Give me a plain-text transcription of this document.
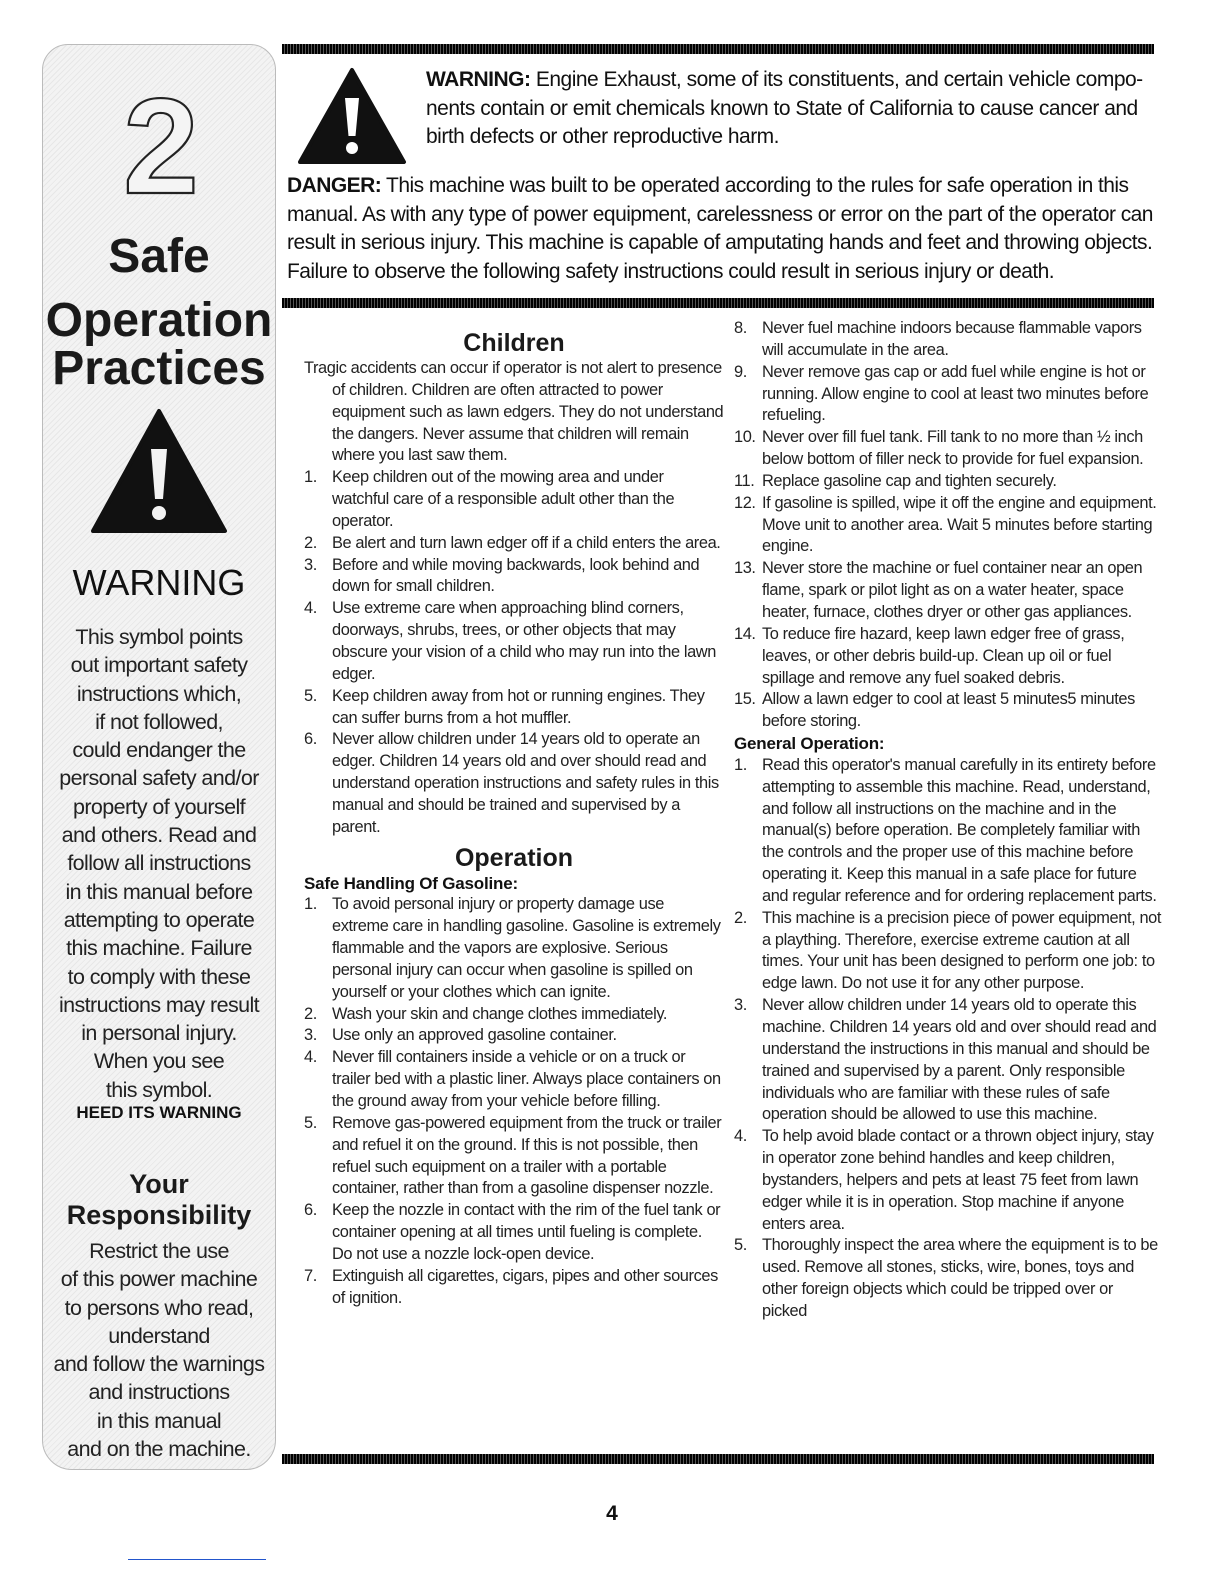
2
Safe
Operation
Practices
WARNING
This symbol points
out important safety
instructions which,
if not followed,
could endanger the
personal safety and/or
property of yourself
and others. Read and
follow all instructions
in this manual before
attempting to operate
this machine. Failure
to comply with these
instructions may result
in personal injury.
When you see
this symbol.
HEED ITS WARNING
Your
Responsibility
Restrict the use
of this power machine
to persons who read,
understand
and follow the warnings
and instructions
in this manual
and on the machine.
WARNING: Engine Exhaust, some of its constituents, and certain vehicle compo- nents contain or emit chemicals known to State of California to cause cancer and birth defects or other reproductive harm.
DANGER: This machine was built to be operated according to the rules for safe operation in this manual. As with any type of power equipment, carelessness or error on the part of the operator can result in serious injury. This machine is capable of amputating hands and feet and throwing objects. Failure to observe the following safety instructions could result in serious injury or death.
Children
Tragic accidents can occur if operator is not alert to presence of children. Children are often attracted to power equipment such as lawn edgers. They do not understand the dangers. Never assume that children will remain where you last saw them.
1. Keep children out of the mowing area and under watchful care of a responsible adult other than the operator.
2. Be alert and turn lawn edger off if a child enters the area.
3. Before and while moving backwards, look behind and down for small children.
4. Use extreme care when approaching blind corners, doorways, shrubs, trees, or other objects that may obscure your vision of a child who may run into the lawn edger.
5. Keep children away from hot or running engines. They can suffer burns from a hot muffler.
6. Never allow children under 14 years old to operate an edger. Children 14 years old and over should read and understand operation instructions and safety rules in this manual and should be trained and supervised by a parent.
Operation
Safe Handling Of Gasoline:
1. To avoid personal injury or property damage use extreme care in handling gasoline. Gasoline is extremely flammable and the vapors are explosive. Serious personal injury can occur when gasoline is spilled on yourself or your clothes which can ignite.
2. Wash your skin and change clothes immediately.
3. Use only an approved gasoline container.
4. Never fill containers inside a vehicle or on a truck or trailer bed with a plastic liner. Always place containers on the ground away from your vehicle before filling.
5. Remove gas-powered equipment from the truck or trailer and refuel it on the ground. If this is not possible, then refuel such equipment on a trailer with a portable container, rather than from a gasoline dispenser nozzle.
6. Keep the nozzle in contact with the rim of the fuel tank or container opening at all times until fueling is complete. Do not use a nozzle lock-open device.
7. Extinguish all cigarettes, cigars, pipes and other sources of ignition.
8. Never fuel machine indoors because flammable vapors will accumulate in the area.
9. Never remove gas cap or add fuel while engine is hot or running. Allow engine to cool at least two minutes before refueling.
10. Never over fill fuel tank. Fill tank to no more than ½ inch below bottom of filler neck to provide for fuel expansion.
11. Replace gasoline cap and tighten securely.
12. If gasoline is spilled, wipe it off the engine and equipment. Move unit to another area. Wait 5 minutes before starting engine.
13. Never store the machine or fuel container near an open flame, spark or pilot light as on a water heater, space heater, furnace, clothes dryer or other gas appliances.
14. To reduce fire hazard, keep lawn edger free of grass, leaves, or other debris build-up. Clean up oil or fuel spillage and remove any fuel soaked debris.
15. Allow a lawn edger to cool at least 5 minutes5 minutes before storing.
General Operation:
1. Read this operator's manual carefully in its entirety before attempting to assemble this machine. Read, understand, and follow all instructions on the machine and in the manual(s) before operation. Be completely familiar with the controls and the proper use of this machine before operating it. Keep this manual in a safe place for future and regular reference and for ordering replacement parts.
2. This machine is a precision piece of power equipment, not a plaything. Therefore, exercise extreme caution at all times. Your unit has been designed to perform one job: to edge lawn. Do not use it for any other purpose.
3. Never allow children under 14 years old to operate this machine. Children 14 years old and over should read and understand the instructions in this manual and should be trained and supervised by a parent. Only responsible individuals who are familiar with these rules of safe operation should be allowed to use this machine.
4. To help avoid blade contact or a thrown object injury, stay in operator zone behind handles and keep children, bystanders, helpers and pets at least 75 feet from lawn edger while it is in operation. Stop machine if anyone enters area.
5. Thoroughly inspect the area where the equipment is to be used. Remove all stones, sticks, wire, bones, toys and other foreign objects which could be tripped over or picked
4
